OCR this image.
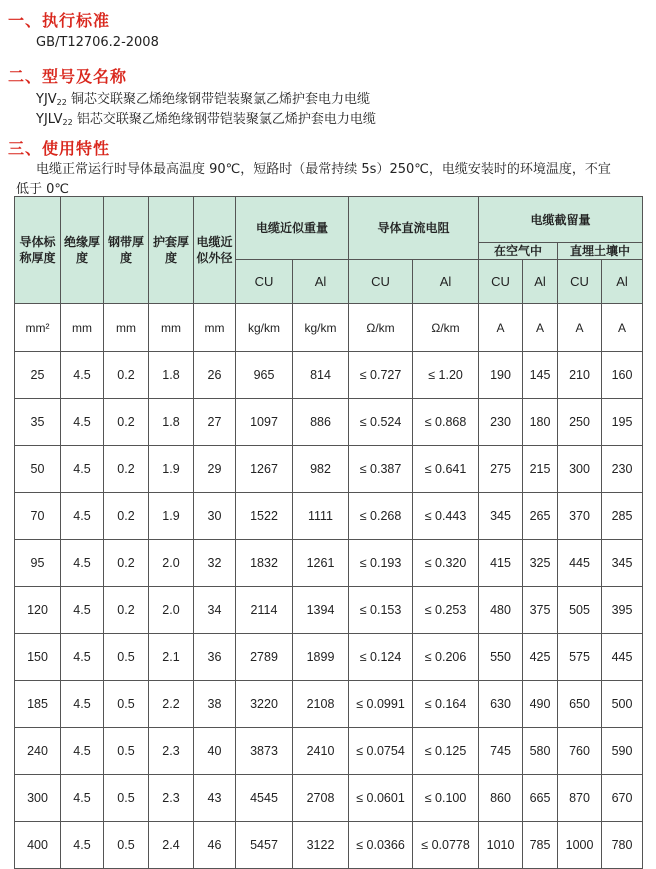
一、执行标准
GB/T12706.2-2008
二、型号及名称
$YJV_{22}$ 铜芯交联聚乙烯绝缘钢带铠装聚氯乙烯护套电力电缆
$YJLV_{22}$ 铝芯交联聚乙烯绝缘钢带铠装聚氯乙烯护套电力电缆
三、使用特性
电缆正常运行时导体最高温度 90℃，短路时（最常持续 5s）250℃，电缆安装时的环境温度，不宜
低于 0℃
导体标称厚度	绝缘厚度	钢带厚度	护套厚度	电缆近似外径	电缆近似重量		导体直流电阻		电缆截留量			
									在空气中		直埋土壤中	
					CU	Al	CU	Al	CU	Al	CU	Al
mm²	mm	mm	mm	mm	kg/km	kg/km	Ω/km	Ω/km	A	A	A	A
25	4.5	0.2	1.8	26	965	814	≤ 0.727	≤ 1.20	190	145	210	160
35	4.5	0.2	1.8	27	1097	886	≤ 0.524	≤ 0.868	230	180	250	195
50	4.5	0.2	1.9	29	1267	982	≤ 0.387	≤ 0.641	275	215	300	230
70	4.5	0.2	1.9	30	1522	1111	≤ 0.268	≤ 0.443	345	265	370	285
95	4.5	0.2	2.0	32	1832	1261	≤ 0.193	≤ 0.320	415	325	445	345
120	4.5	0.2	2.0	34	2114	1394	≤ 0.153	≤ 0.253	480	375	505	395
150	4.5	0.5	2.1	36	2789	1899	≤ 0.124	≤ 0.206	550	425	575	445
185	4.5	0.5	2.2	38	3220	2108	≤ 0.0991	≤ 0.164	630	490	650	500
240	4.5	0.5	2.3	40	3873	2410	≤ 0.0754	≤ 0.125	745	580	760	590
300	4.5	0.5	2.3	43	4545	2708	≤ 0.0601	≤ 0.100	860	665	870	670
400	4.5	0.5	2.4	46	5457	3122	≤ 0.0366	≤ 0.0778	1010	785	1000	780
